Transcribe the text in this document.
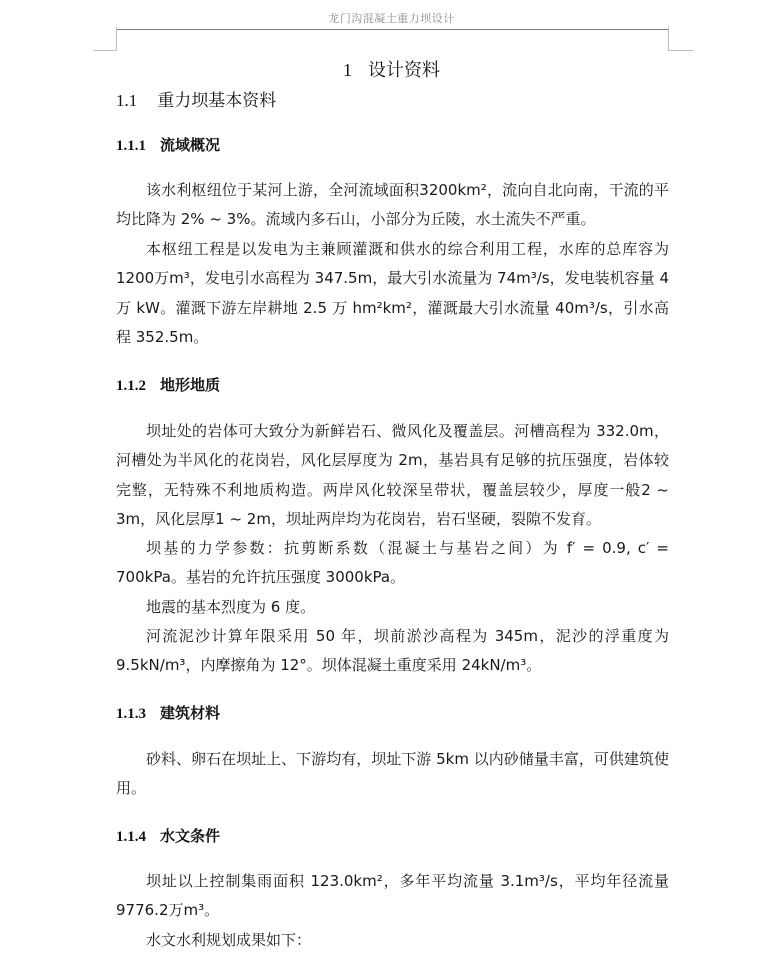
龙门沟混凝土重力坝设计
1 设计资料
1.1 重力坝基本资料
1.1.1 流域概况
该水利枢纽位于某河上游，全河流域面积3200km²，流向自北向南，干流的平均比降为 2% ~ 3%。流域内多石山，小部分为丘陵，水土流失不严重。
本枢纽工程是以发电为主兼顾灌溉和供水的综合利用工程，水库的总库容为1200万m³，发电引水高程为 347.5m，最大引水流量为 74m³/s，发电装机容量 4万 kW。灌溉下游左岸耕地 2.5 万 hm²km²，灌溉最大引水流量 40m³/s，引水高程 352.5m。
1.1.2 地形地质
坝址处的岩体可大致分为新鲜岩石、微风化及覆盖层。河槽高程为 332.0m，河槽处为半风化的花岗岩，风化层厚度为 2m，基岩具有足够的抗压强度，岩体较完整，无特殊不利地质构造。两岸风化较深呈带状，覆盖层较少，厚度一般2 ~ 3m，风化层厚1 ~ 2m，坝址两岸均为花岗岩，岩石坚硬，裂隙不发育。
坝基的力学参数：抗剪断系数（混凝土与基岩之间）为 f′ = 0.9, c′ = 700kPa。基岩的允许抗压强度 3000kPa。
地震的基本烈度为 6 度。
河流泥沙计算年限采用 50 年，坝前淤沙高程为 345m，泥沙的浮重度为9.5kN/m³，内摩擦角为 12°。坝体混凝土重度采用 24kN/m³。
1.1.3 建筑材料
砂料、卵石在坝址上、下游均有，坝址下游 5km 以内砂储量丰富，可供建筑使用。
1.1.4 水文条件
坝址以上控制集雨面积 123.0km²，多年平均流量 3.1m³/s，平均年径流量9776.2万m³。
水文水利规划成果如下：
